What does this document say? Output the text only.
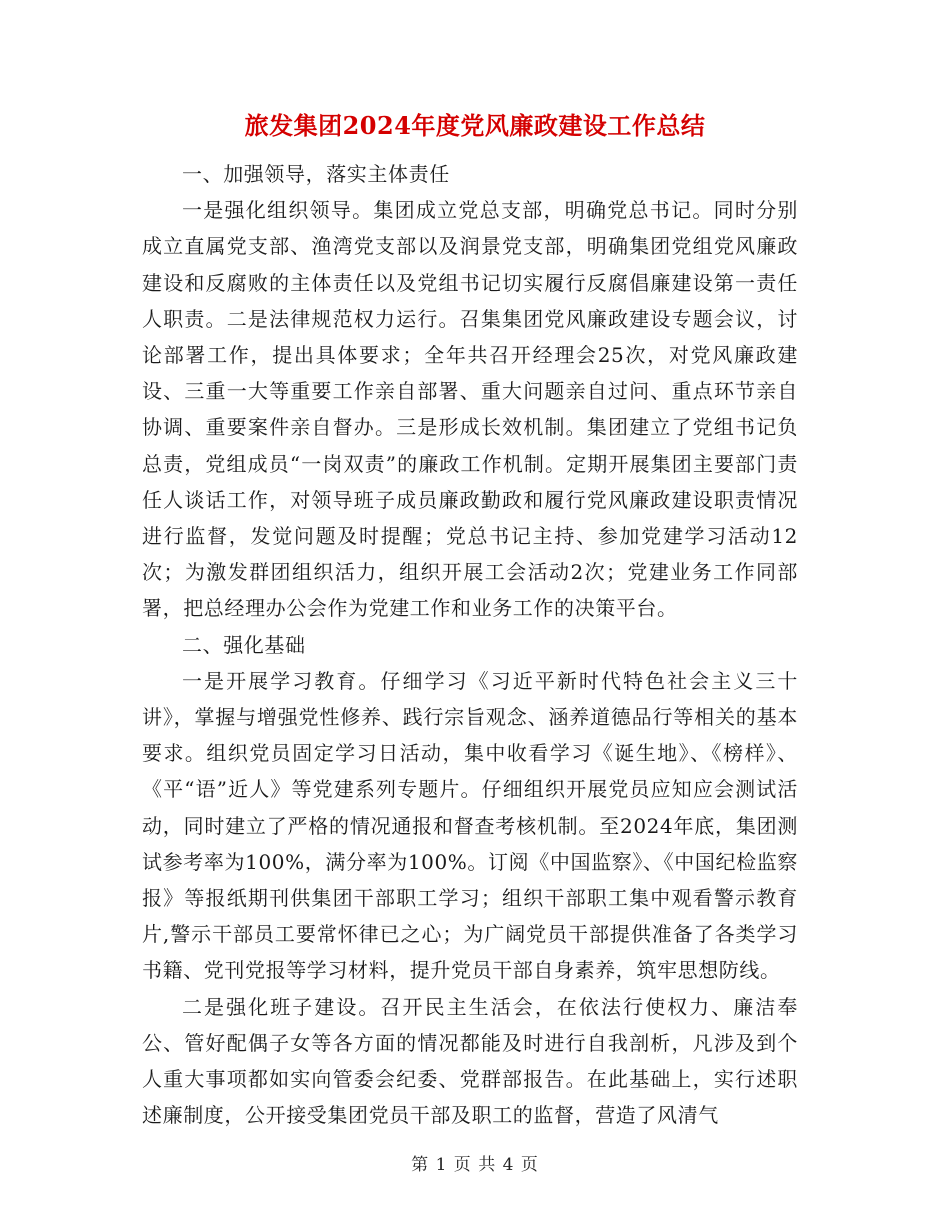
旅发集团2024年度党风廉政建设工作总结

一、加强领导，落实主体责任

一是强化组织领导。集团成立党总支部，明确党总书记。同时分别成立直属党支部、渔湾党支部以及润景党支部，明确集团党组党风廉政建设和反腐败的主体责任以及党组书记切实履行反腐倡廉建设第一责任人职责。二是法律规范权力运行。召集集团党风廉政建设专题会议，讨论部署工作，提出具体要求；全年共召开经理会25次，对党风廉政建设、三重一大等重要工作亲自部署、重大问题亲自过问、重点环节亲自协调、重要案件亲自督办。三是形成长效机制。集团建立了党组书记负总责，党组成员“一岗双责”的廉政工作机制。定期开展集团主要部门责任人谈话工作，对领导班子成员廉政勤政和履行党风廉政建设职责情况进行监督，发觉问题及时提醒；党总书记主持、参加党建学习活动12次；为激发群团组织活力，组织开展工会活动2次；党建业务工作同部署，把总经理办公会作为党建工作和业务工作的决策平台。

二、强化基础

一是开展学习教育。仔细学习《习近平新时代特色社会主义三十讲》，掌握与增强党性修养、践行宗旨观念、涵养道德品行等相关的基本要求。组织党员固定学习日活动，集中收看学习《诞生地》、《榜样》、《平“语”近人》等党建系列专题片。仔细组织开展党员应知应会测试活动，同时建立了严格的情况通报和督查考核机制。至2024年底，集团测试参考率为100%，满分率为100%。订阅《中国监察》、《中国纪检监察报》等报纸期刊供集团干部职工学习；组织干部职工集中观看警示教育片,警示干部员工要常怀律已之心；为广阔党员干部提供准备了各类学习书籍、党刊党报等学习材料，提升党员干部自身素养，筑牢思想防线。

二是强化班子建设。召开民主生活会，在依法行使权力、廉洁奉公、管好配偶子女等各方面的情况都能及时进行自我剖析，凡涉及到个人重大事项都如实向管委会纪委、党群部报告。在此基础上，实行述职述廉制度，公开接受集团党员干部及职工的监督，营造了风清气

第 1 页 共 4 页
